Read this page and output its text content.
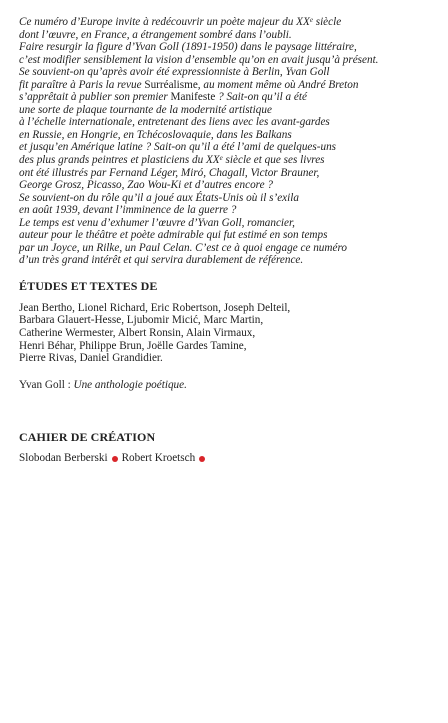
Ce numéro d’Europe invite à redécouvrir un poète majeur du XXe siècle
dont l’œuvre, en France, a étrangement sombré dans l’oubli.
Faire resurgir la figure d’Yvan Goll (1891-1950) dans le paysage littéraire,
c’est modifier sensiblement la vision d’ensemble qu’on en avait jusqu’à présent.
Se souvient-on qu’après avoir été expressionniste à Berlin, Yvan Goll
fit paraître à Paris la revue Surréalisme, au moment même où André Breton
s’apprêtait à publier son premier Manifeste ? Sait-on qu’il a été
une sorte de plaque tournante de la modernité artistique
à l’échelle internationale, entretenant des liens avec les avant-gardes
en Russie, en Hongrie, en Tchécoslovaquie, dans les Balkans
et jusqu’en Amérique latine ? Sait-on qu’il a été l’ami de quelques-uns
des plus grands peintres et plasticiens du XXe siècle et que ses livres
ont été illustrés par Fernand Léger, Miró, Chagall, Victor Brauner,
George Grosz, Picasso, Zao Wou-Ki et d’autres encore ?
Se souvient-on du rôle qu’il a joué aux États-Unis où il s’exila
en août 1939, devant l’imminence de la guerre ?
Le temps est venu d’exhumer l’œuvre d’Yvan Goll, romancier,
auteur pour le théâtre et poète admirable qui fut estimé en son temps
par un Joyce, un Rilke, un Paul Celan. C’est ce à quoi engage ce numéro
d’un très grand intérêt et qui servira durablement de référence.
ÉTUDES ET TEXTES DE
Jean Bertho, Lionel Richard, Eric Robertson, Joseph Delteil,
Barbara Glauert-Hesse, Ljubomir Micić, Marc Martin,
Catherine Wermester, Albert Ronsin, Alain Virmaux,
Henri Béhar, Philippe Brun, Joëlle Gardes Tamine,
Pierre Rivas, Daniel Grandidier.
Yvan Goll : Une anthologie poétique.
CAHIER DE CRÉATION
Slobodan Berberski Robert Kroetsch
